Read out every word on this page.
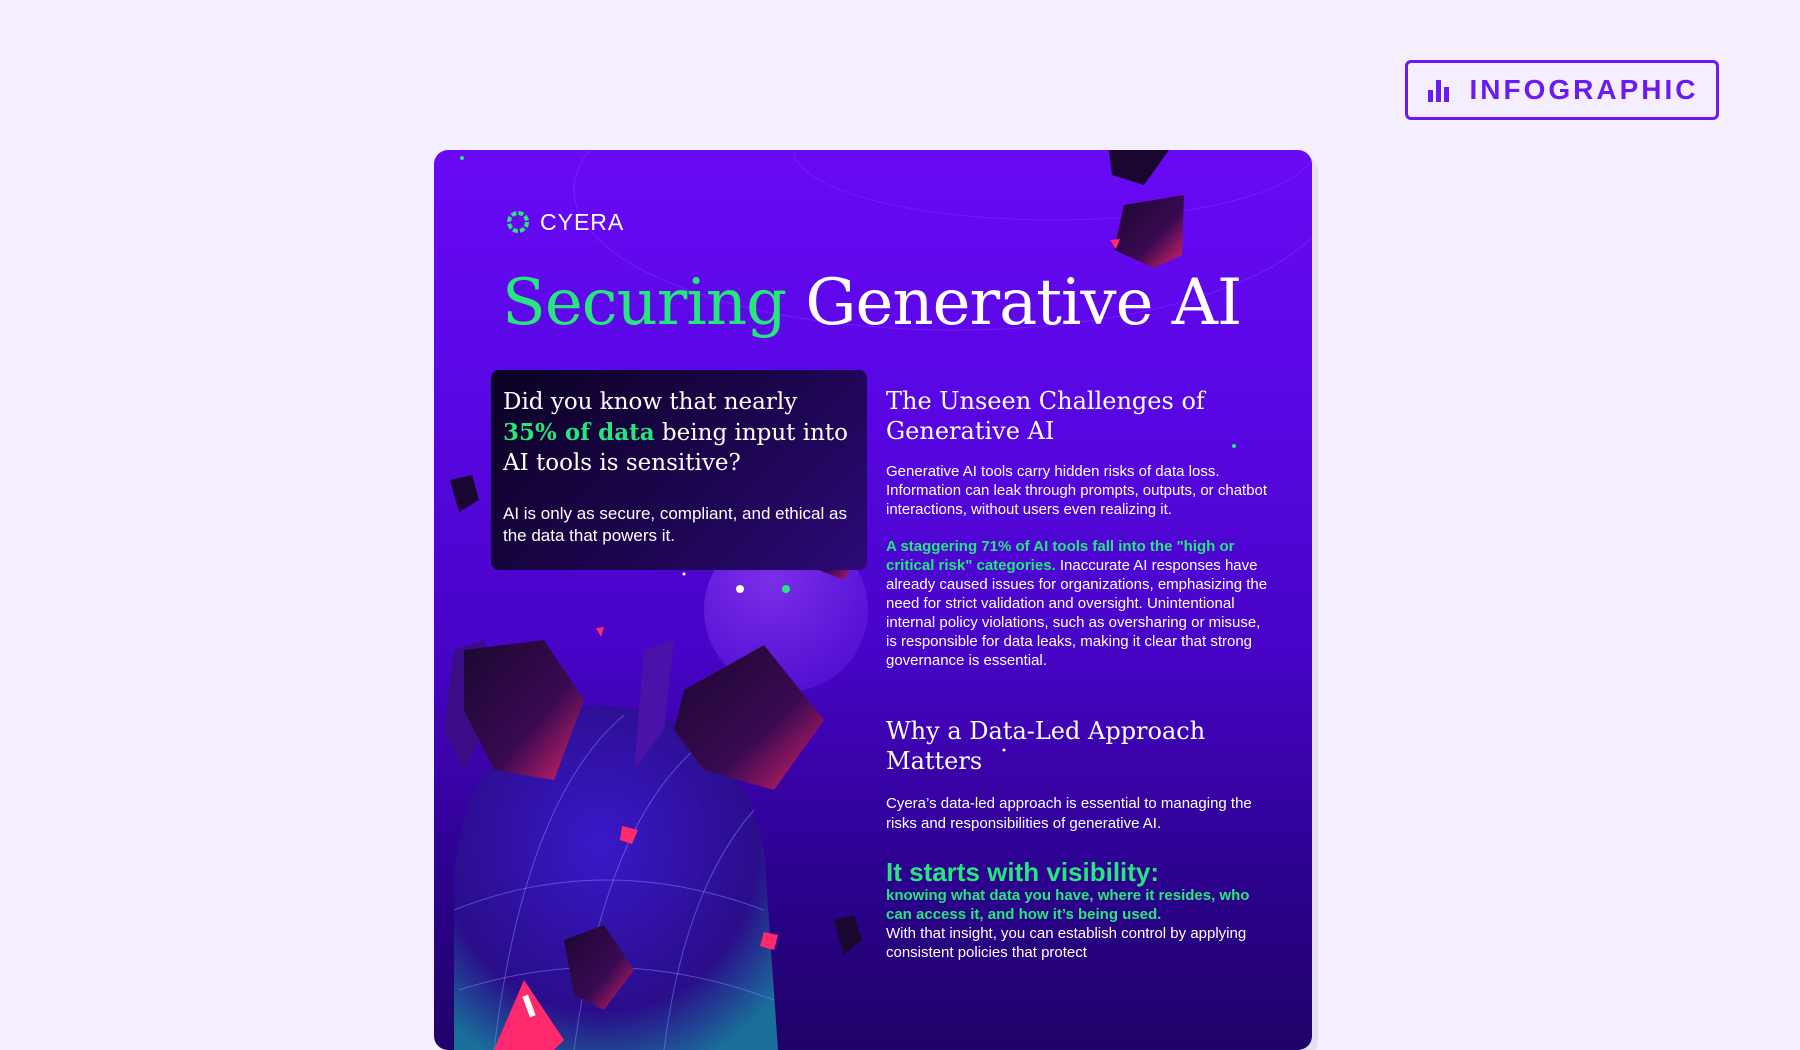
INFOGRAPHIC
CYERA
Securing Generative AI

Did you know that nearly
35% of data being input into AI tools is sensitive?

AI is only as secure, compliant, and ethical as the data that powers it.

The Unseen Challenges of Generative AI

Generative AI tools carry hidden risks of data loss. Information can leak through prompts, outputs, or chatbot interactions, without users even realizing it.

A staggering 71% of AI tools fall into the "high or critical risk" categories. Inaccurate AI responses have already caused issues for organizations, emphasizing the need for strict validation and oversight. Unintentional internal policy violations, such as oversharing or misuse, is responsible for data leaks, making it clear that strong governance is essential.

Why a Data-Led Approach Matters

Cyera’s data-led approach is essential to managing the risks and responsibilities of generative AI.

It starts with visibility:

knowing what data you have, where it resides, who can access it, and how it’s being used.
With that insight, you can establish control by applying consistent policies that protect
